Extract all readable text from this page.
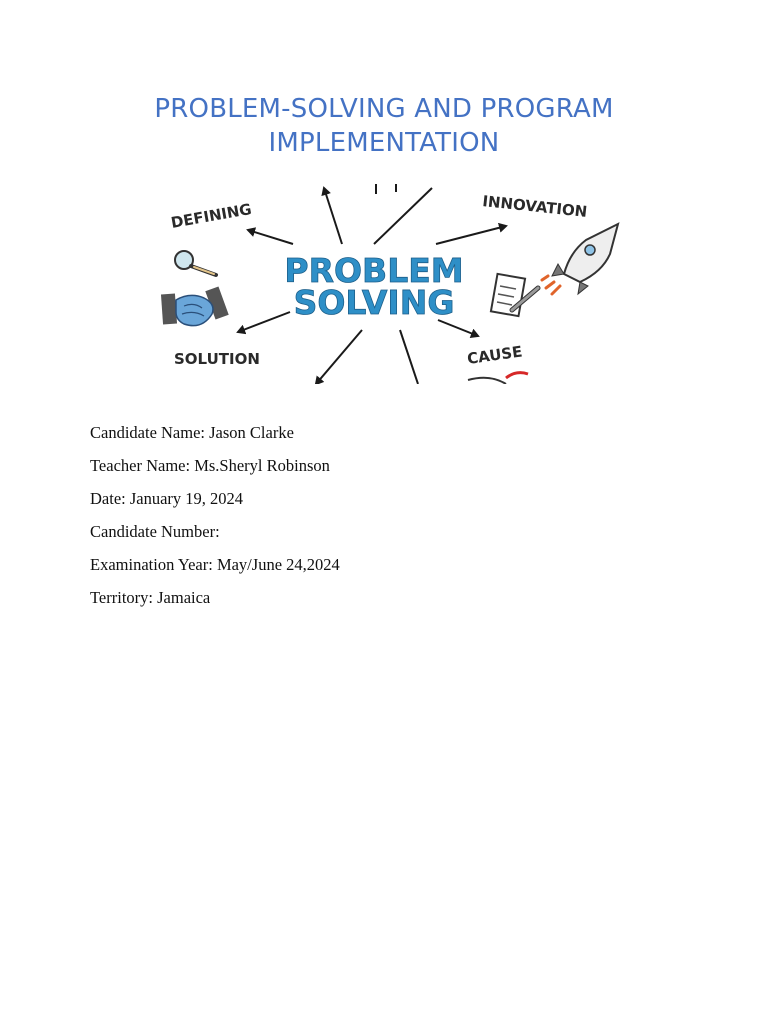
PROBLEM-SOLVING AND PROGRAM
IMPLEMENTATION
PROBLEM
SOLVING
DEFINING	INNOVATION
SOLUTION	CAUSE
Candidate Name: Jason Clarke
Teacher Name: Ms.Sheryl Robinson
Date: January 19, 2024
Candidate Number:
Examination Year: May/June 24,2024
Territory: Jamaica
